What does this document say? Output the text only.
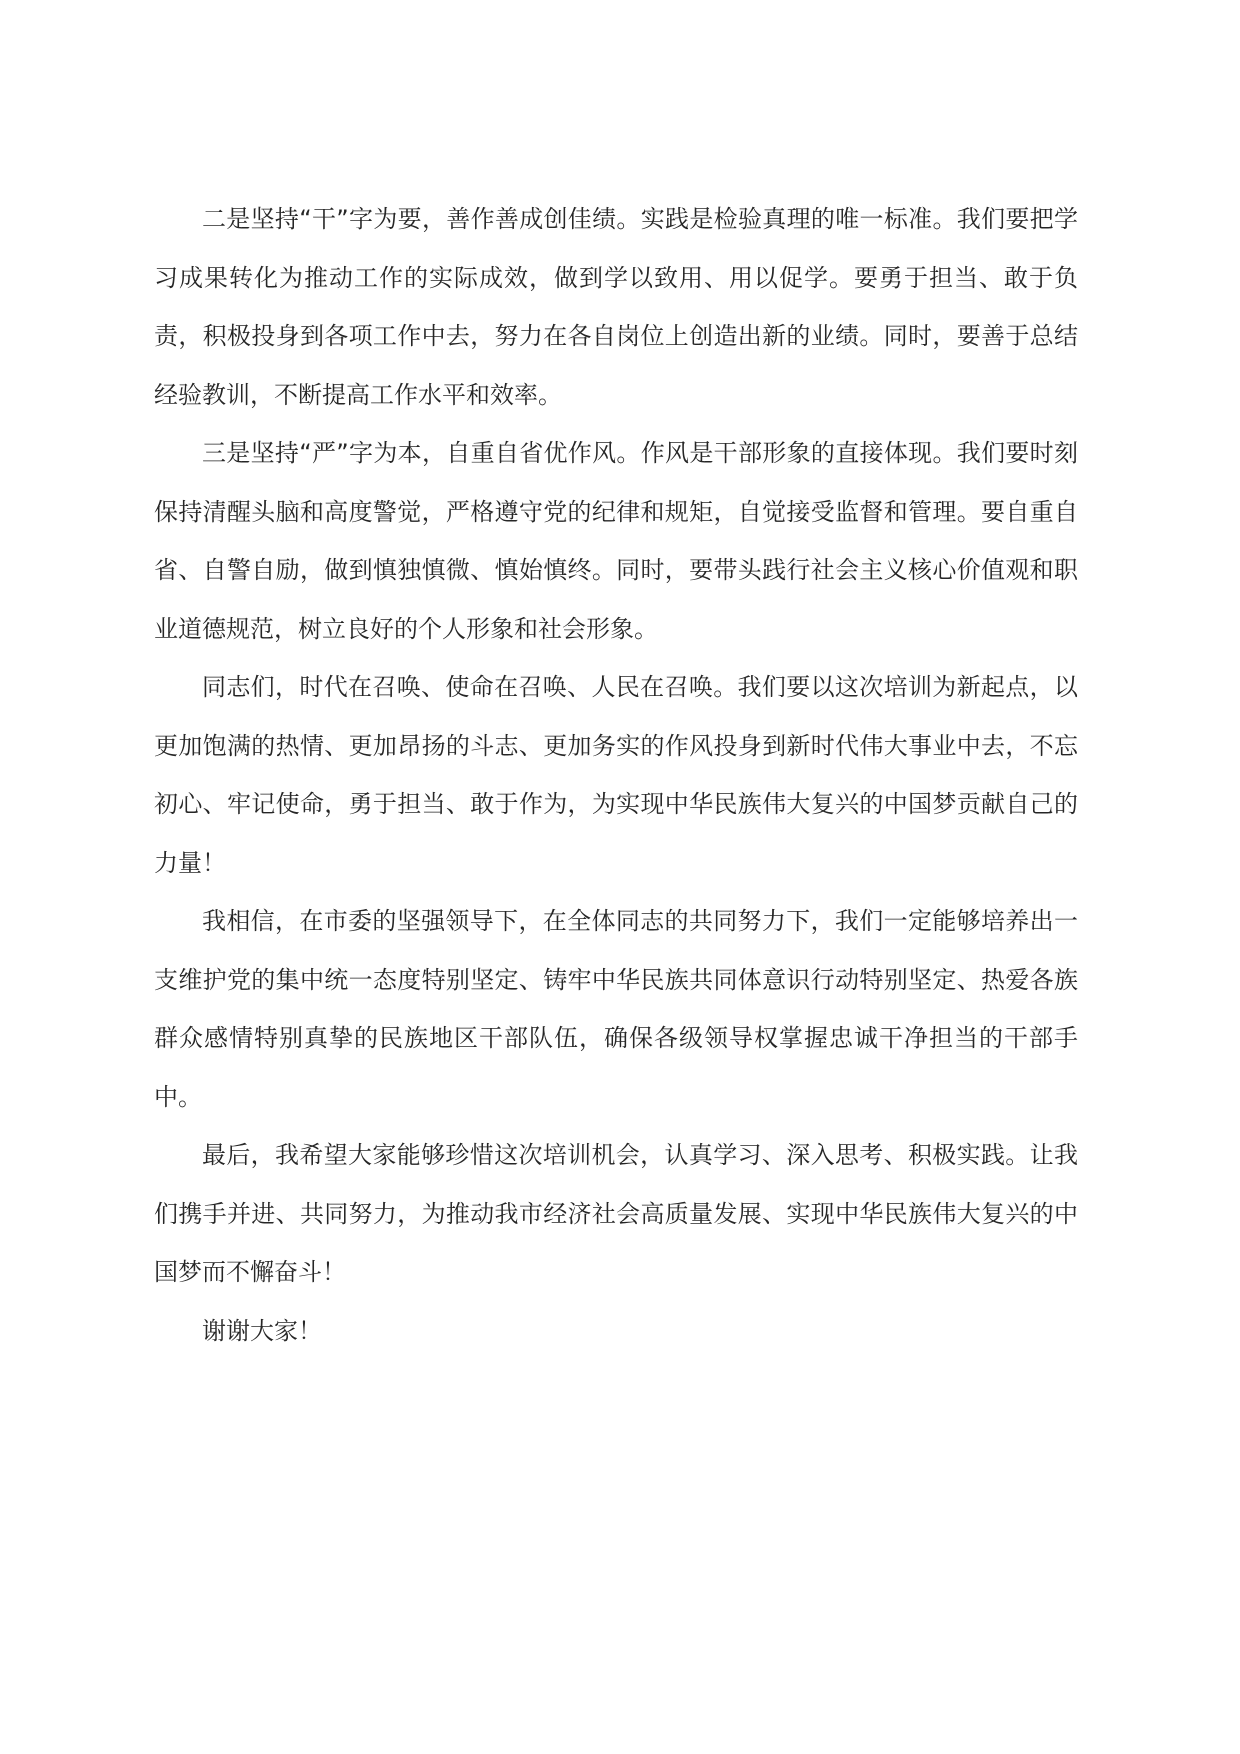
二是坚持“干”字为要，善作善成创佳绩。实践是检验真理的唯一标准。我们要把学习成果转化为推动工作的实际成效，做到学以致用、用以促学。要勇于担当、敢于负责，积极投身到各项工作中去，努力在各自岗位上创造出新的业绩。同时，要善于总结经验教训，不断提高工作水平和效率。

三是坚持“严”字为本，自重自省优作风。作风是干部形象的直接体现。我们要时刻保持清醒头脑和高度警觉，严格遵守党的纪律和规矩，自觉接受监督和管理。要自重自省、自警自励，做到慎独慎微、慎始慎终。同时，要带头践行社会主义核心价值观和职业道德规范，树立良好的个人形象和社会形象。

同志们，时代在召唤、使命在召唤、人民在召唤。我们要以这次培训为新起点，以更加饱满的热情、更加昂扬的斗志、更加务实的作风投身到新时代伟大事业中去，不忘初心、牢记使命，勇于担当、敢于作为，为实现中华民族伟大复兴的中国梦贡献自己的力量！

我相信，在市委的坚强领导下，在全体同志的共同努力下，我们一定能够培养出一支维护党的集中统一态度特别坚定、铸牢中华民族共同体意识行动特别坚定、热爱各族群众感情特别真挚的民族地区干部队伍，确保各级领导权掌握忠诚干净担当的干部手中。

最后，我希望大家能够珍惜这次培训机会，认真学习、深入思考、积极实践。让我们携手并进、共同努力，为推动我市经济社会高质量发展、实现中华民族伟大复兴的中国梦而不懈奋斗！

谢谢大家！
